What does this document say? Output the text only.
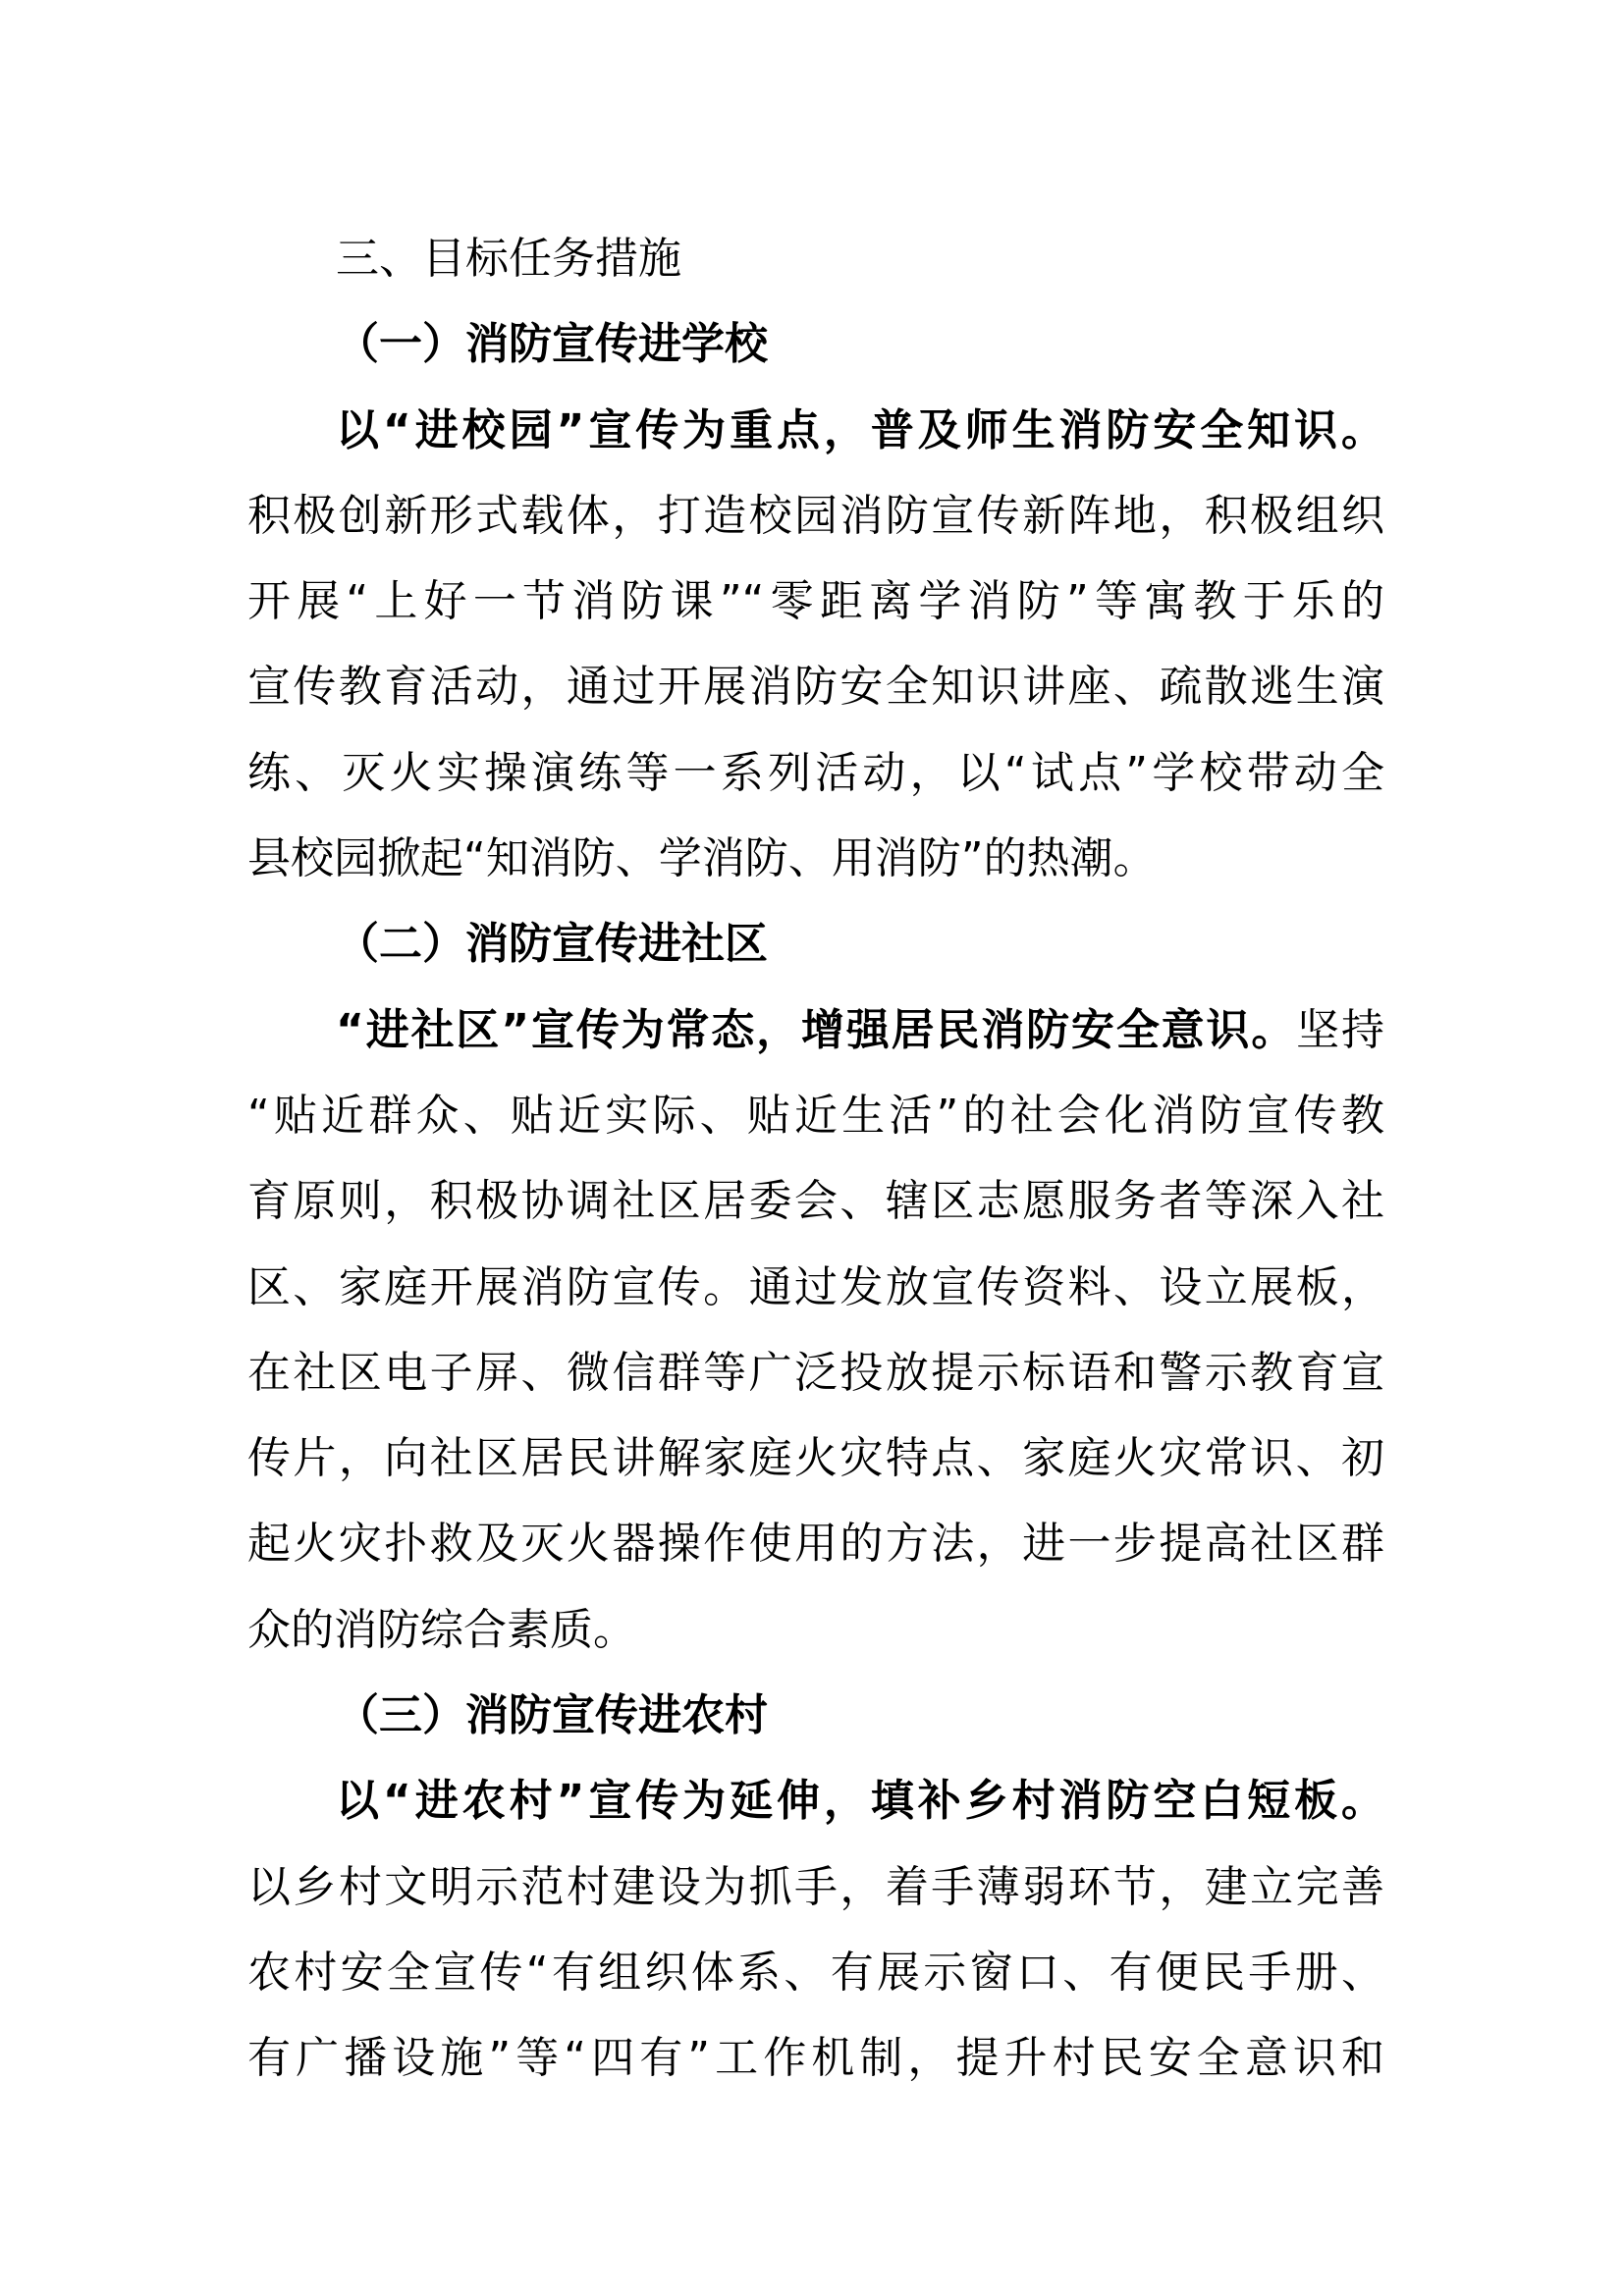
三、目标任务措施
（一）消防宣传进学校
以“进校园”宣传为重点，普及师生消防安全知识。
积极创新形式载体，打造校园消防宣传新阵地，积极组织
开展“上好一节消防课”“零距离学消防”等寓教于乐的
宣传教育活动，通过开展消防安全知识讲座、疏散逃生演
练、灭火实操演练等一系列活动，以“试点”学校带动全
县校园掀起“知消防、学消防、用消防”的热潮。
（二）消防宣传进社区
“进社区”宣传为常态，增强居民消防安全意识。坚持
“贴近群众、贴近实际、贴近生活”的社会化消防宣传教
育原则，积极协调社区居委会、辖区志愿服务者等深入社
区、家庭开展消防宣传。通过发放宣传资料、设立展板，
在社区电子屏、微信群等广泛投放提示标语和警示教育宣
传片，向社区居民讲解家庭火灾特点、家庭火灾常识、初
起火灾扑救及灭火器操作使用的方法，进一步提高社区群
众的消防综合素质。
（三）消防宣传进农村
以“进农村”宣传为延伸，填补乡村消防空白短板。
以乡村文明示范村建设为抓手，着手薄弱环节，建立完善
农村安全宣传“有组织体系、有展示窗口、有便民手册、
有广播设施”等“四有”工作机制，提升村民安全意识和
